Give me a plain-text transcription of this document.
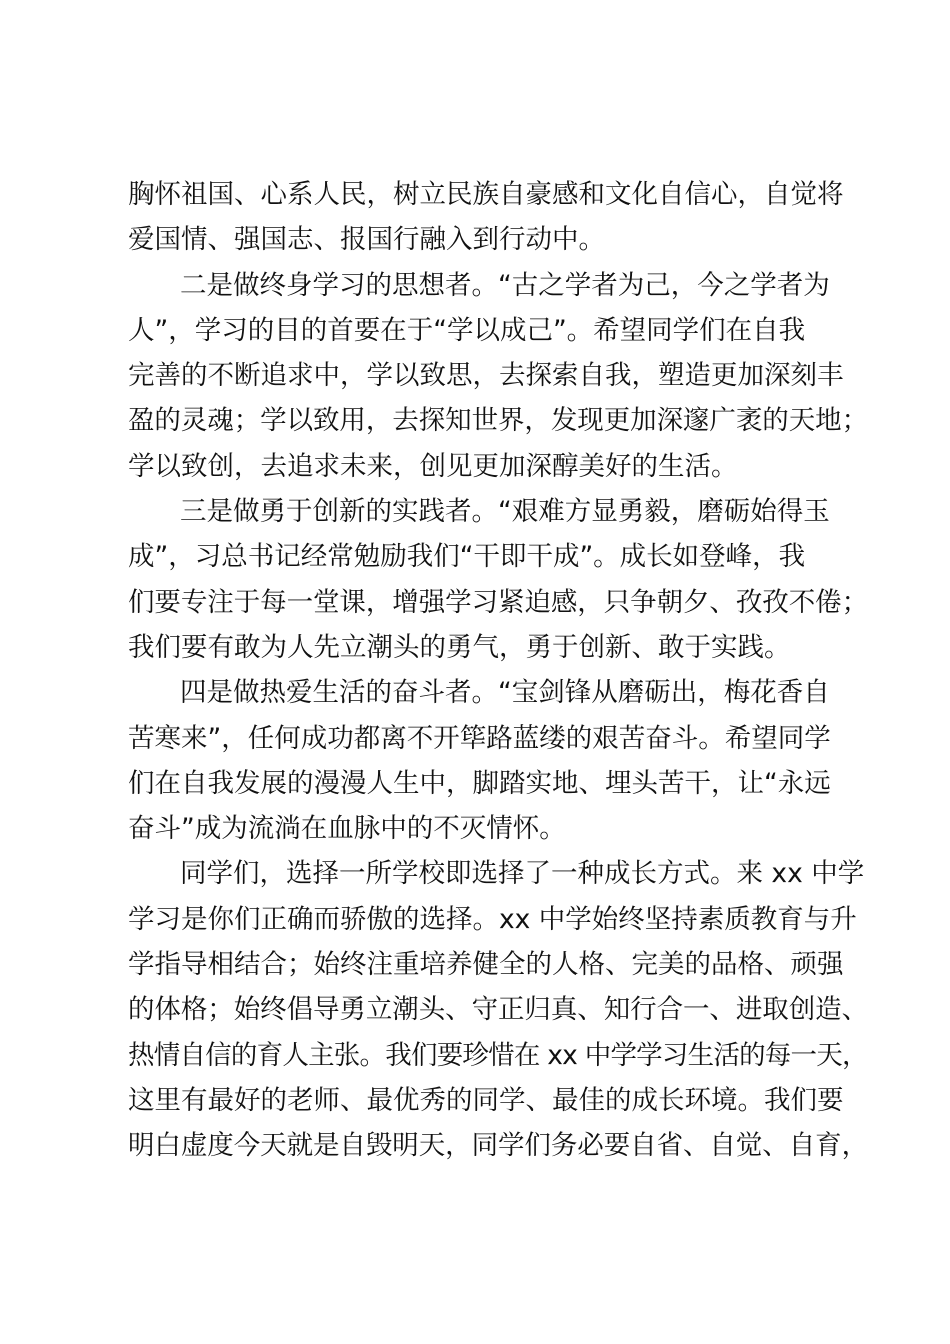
胸怀祖国、心系人民，树立民族自豪感和文化自信心，自觉将
爱国情、强国志、报国行融入到行动中。
二是做终身学习的思想者。“古之学者为己，今之学者为
人”，学习的目的首要在于“学以成己”。希望同学们在自我
完善的不断追求中，学以致思，去探索自我，塑造更加深刻丰
盈的灵魂；学以致用，去探知世界，发现更加深邃广袤的天地；
学以致创，去追求未来，创见更加深醇美好的生活。
三是做勇于创新的实践者。“艰难方显勇毅，磨砺始得玉
成”，习总书记经常勉励我们“干即干成”。成长如登峰，我
们要专注于每一堂课，增强学习紧迫感，只争朝夕、孜孜不倦；
我们要有敢为人先立潮头的勇气，勇于创新、敢于实践。
四是做热爱生活的奋斗者。“宝剑锋从磨砺出，梅花香自
苦寒来”，任何成功都离不开筚路蓝缕的艰苦奋斗。希望同学
们在自我发展的漫漫人生中，脚踏实地、埋头苦干，让“永远
奋斗”成为流淌在血脉中的不灭情怀。
同学们，选择一所学校即选择了一种成长方式。来 xx 中学
学习是你们正确而骄傲的选择。xx 中学始终坚持素质教育与升
学指导相结合；始终注重培养健全的人格、完美的品格、顽强
的体格；始终倡导勇立潮头、守正归真、知行合一、进取创造、
热情自信的育人主张。我们要珍惜在 xx 中学学习生活的每一天，
这里有最好的老师、最优秀的同学、最佳的成长环境。我们要
明白虚度今天就是自毁明天，同学们务必要自省、自觉、自育，
